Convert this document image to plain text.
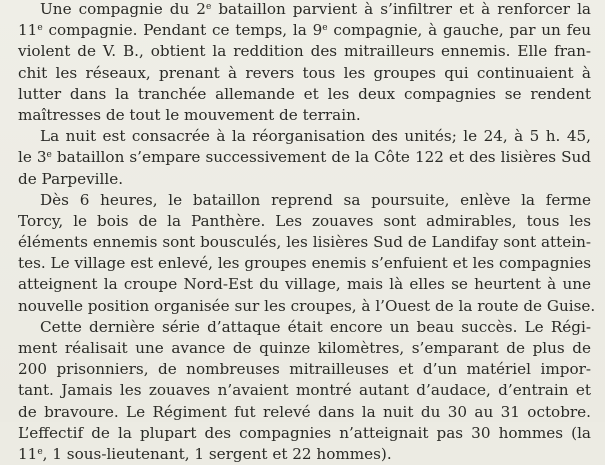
Une compagnie du 2e bataillon parvient à s’infiltrer et à renforcer la
11e compagnie. Pendant ce temps, la 9e compagnie, à gauche, par un feu
violent de V. B., obtient la reddition des mitrailleurs ennemis. Elle fran-
chit les réseaux, prenant à revers tous les groupes qui continuaient à
lutter dans la tranchée allemande et les deux compagnies se rendent
maîtresses de tout le mouvement de terrain.
La nuit est consacrée à la réorganisation des unités; le 24, à 5 h. 45,
le 3e bataillon s’empare successivement de la Côte 122 et des lisières Sud
de Parpeville.
Dès 6 heures, le bataillon reprend sa poursuite, enlève la ferme
Torcy, le bois de la Panthère. Les zouaves sont admirables, tous les
éléments ennemis sont bousculés, les lisières Sud de Landifay sont attein-
tes. Le village est enlevé, les groupes enemis s’enfuient et les compagnies
atteignent la croupe Nord-Est du village, mais là elles se heurtent à une
nouvelle position organisée sur les croupes, à l’Ouest de la route de Guise.
Cette dernière série d’attaque était encore un beau succès. Le Régi-
ment réalisait une avance de quinze kilomètres, s’emparant de plus de
200 prisonniers, de nombreuses mitrailleuses et d’un matériel impor-
tant. Jamais les zouaves n’avaient montré autant d’audace, d’entrain et
de bravoure. Le Régiment fut relevé dans la nuit du 30 au 31 octobre.
L’effectif de la plupart des compagnies n’atteignait pas 30 hommes (la
11e, 1 sous-lieutenant, 1 sergent et 22 hommes).
